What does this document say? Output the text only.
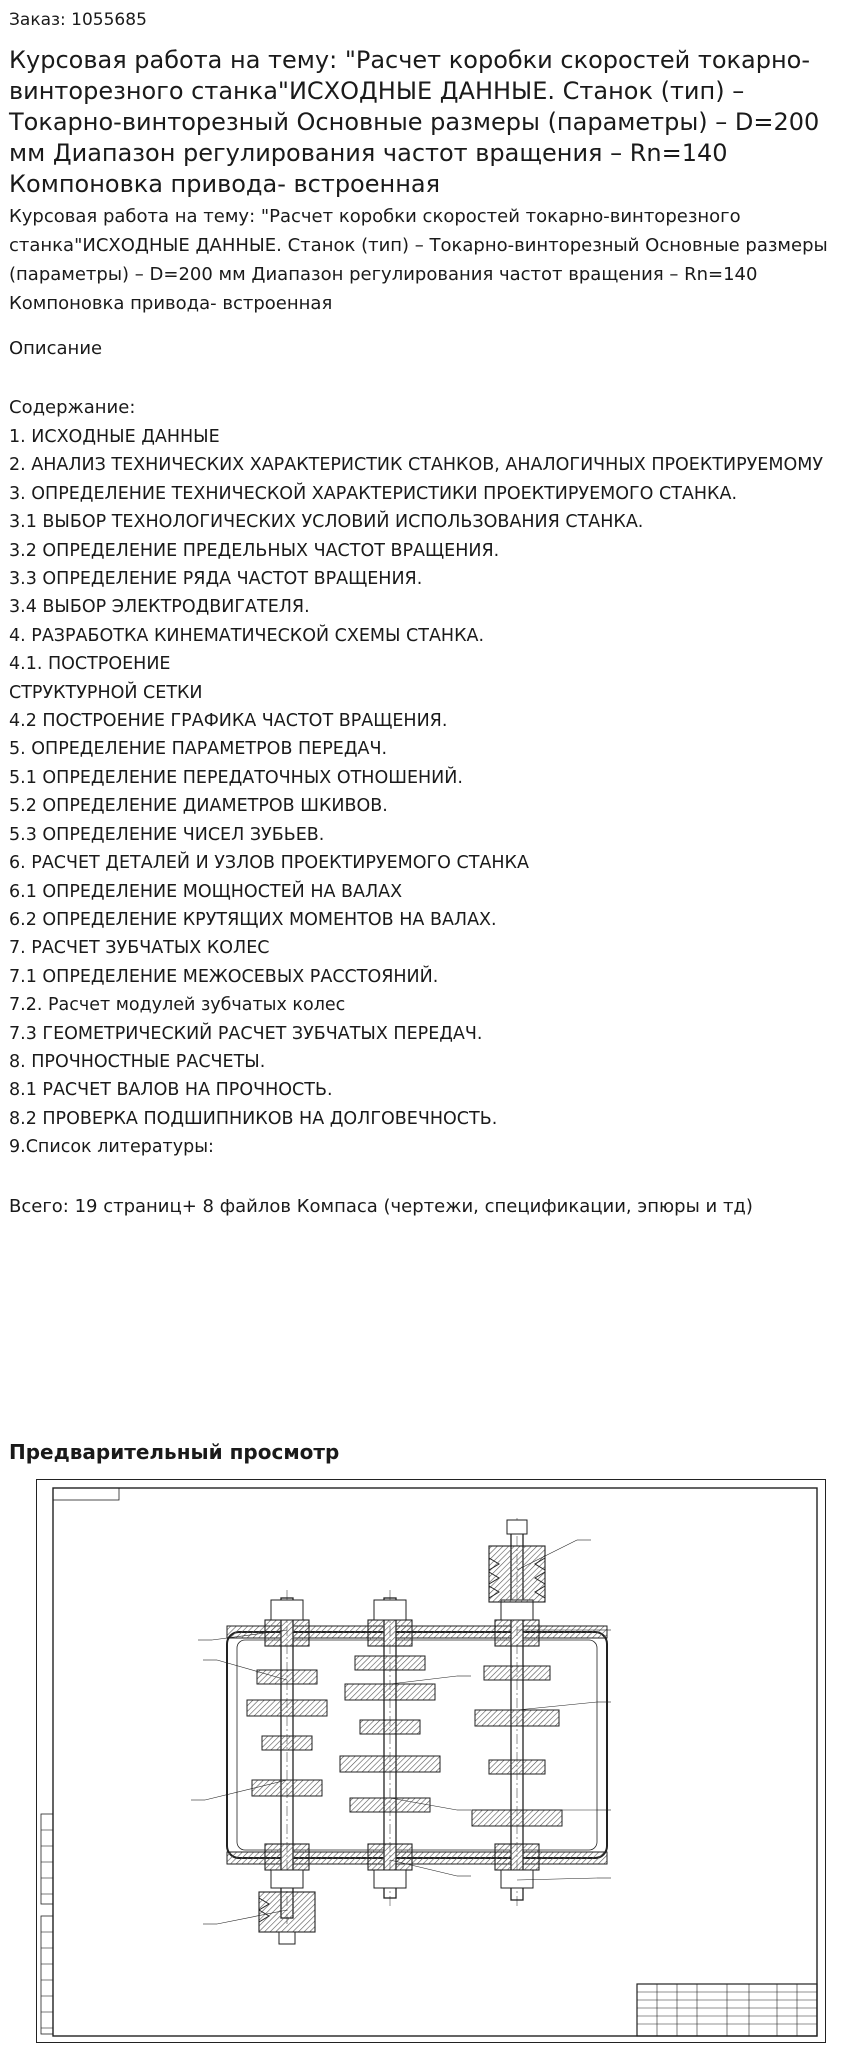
Заказ: 1055685
Курсовая работа на тему: "Расчет коробки скоростей токарно-винторезного станка"ИСХОДНЫЕ ДАННЫЕ. Станок (тип) – Токарно-винторезный Основные размеры (параметры) – D=200 мм Диапазон регулирования частот вращения – Rn=140 Компоновка привода- встроенная
Курсовая работа на тему: "Расчет коробки скоростей токарно-винторезного станка"ИСХОДНЫЕ ДАННЫЕ. Станок (тип) – Токарно-винторезный Основные размеры (параметры) – D=200 мм Диапазон регулирования частот вращения – Rn=140 Компоновка привода- встроенная
Описание
Содержание:
1. ИСХОДНЫЕ ДАННЫЕ
2. АНАЛИЗ ТЕХНИЧЕСКИХ ХАРАКТЕРИСТИК СТАНКОВ, АНАЛОГИЧНЫХ ПРОЕКТИРУЕМОМУ
3. ОПРЕДЕЛЕНИЕ ТЕХНИЧЕСКОЙ ХАРАКТЕРИСТИКИ ПРОЕКТИРУЕМОГО СТАНКА.
3.1 ВЫБОР ТЕХНОЛОГИЧЕСКИХ УСЛОВИЙ ИСПОЛЬЗОВАНИЯ СТАНКА.
3.2 ОПРЕДЕЛЕНИЕ ПРЕДЕЛЬНЫХ ЧАСТОТ ВРАЩЕНИЯ.
3.3 ОПРЕДЕЛЕНИЕ РЯДА ЧАСТОТ ВРАЩЕНИЯ.
3.4 ВЫБОР ЭЛЕКТРОДВИГАТЕЛЯ.
4. РАЗРАБОТКА КИНЕМАТИЧЕСКОЙ СХЕМЫ СТАНКА.
4.1. ПОСТРОЕНИЕ
СТРУКТУРНОЙ СЕТКИ
4.2 ПОСТРОЕНИЕ ГРАФИКА ЧАСТОТ ВРАЩЕНИЯ.
5. ОПРЕДЕЛЕНИЕ ПАРАМЕТРОВ ПЕРЕДАЧ.
5.1 ОПРЕДЕЛЕНИЕ ПЕРЕДАТОЧНЫХ ОТНОШЕНИЙ.
5.2 ОПРЕДЕЛЕНИЕ ДИАМЕТРОВ ШКИВОВ.
5.3 ОПРЕДЕЛЕНИЕ ЧИСЕЛ ЗУБЬЕВ.
6. РАСЧЕТ ДЕТАЛЕЙ И УЗЛОВ ПРОЕКТИРУЕМОГО СТАНКА
6.1 ОПРЕДЕЛЕНИЕ МОЩНОСТЕЙ НА ВАЛАХ
6.2 ОПРЕДЕЛЕНИЕ КРУТЯЩИХ МОМЕНТОВ НА ВАЛАХ.
7. РАСЧЕТ ЗУБЧАТЫХ КОЛЕС
7.1 ОПРЕДЕЛЕНИЕ МЕЖОСЕВЫХ РАССТОЯНИЙ.
7.2. Расчет модулей зубчатых колес
7.3 ГЕОМЕТРИЧЕСКИЙ РАСЧЕТ ЗУБЧАТЫХ ПЕРЕДАЧ.
8. ПРОЧНОСТНЫЕ РАСЧЕТЫ.
8.1 РАСЧЕТ ВАЛОВ НА ПРОЧНОСТЬ.
8.2 ПРОВЕРКА ПОДШИПНИКОВ НА ДОЛГОВЕЧНОСТЬ.
9.Список литературы:
Всего: 19 страниц+ 8 файлов Компаса (чертежи, спецификации, эпюры и тд)
Предварительный просмотр
